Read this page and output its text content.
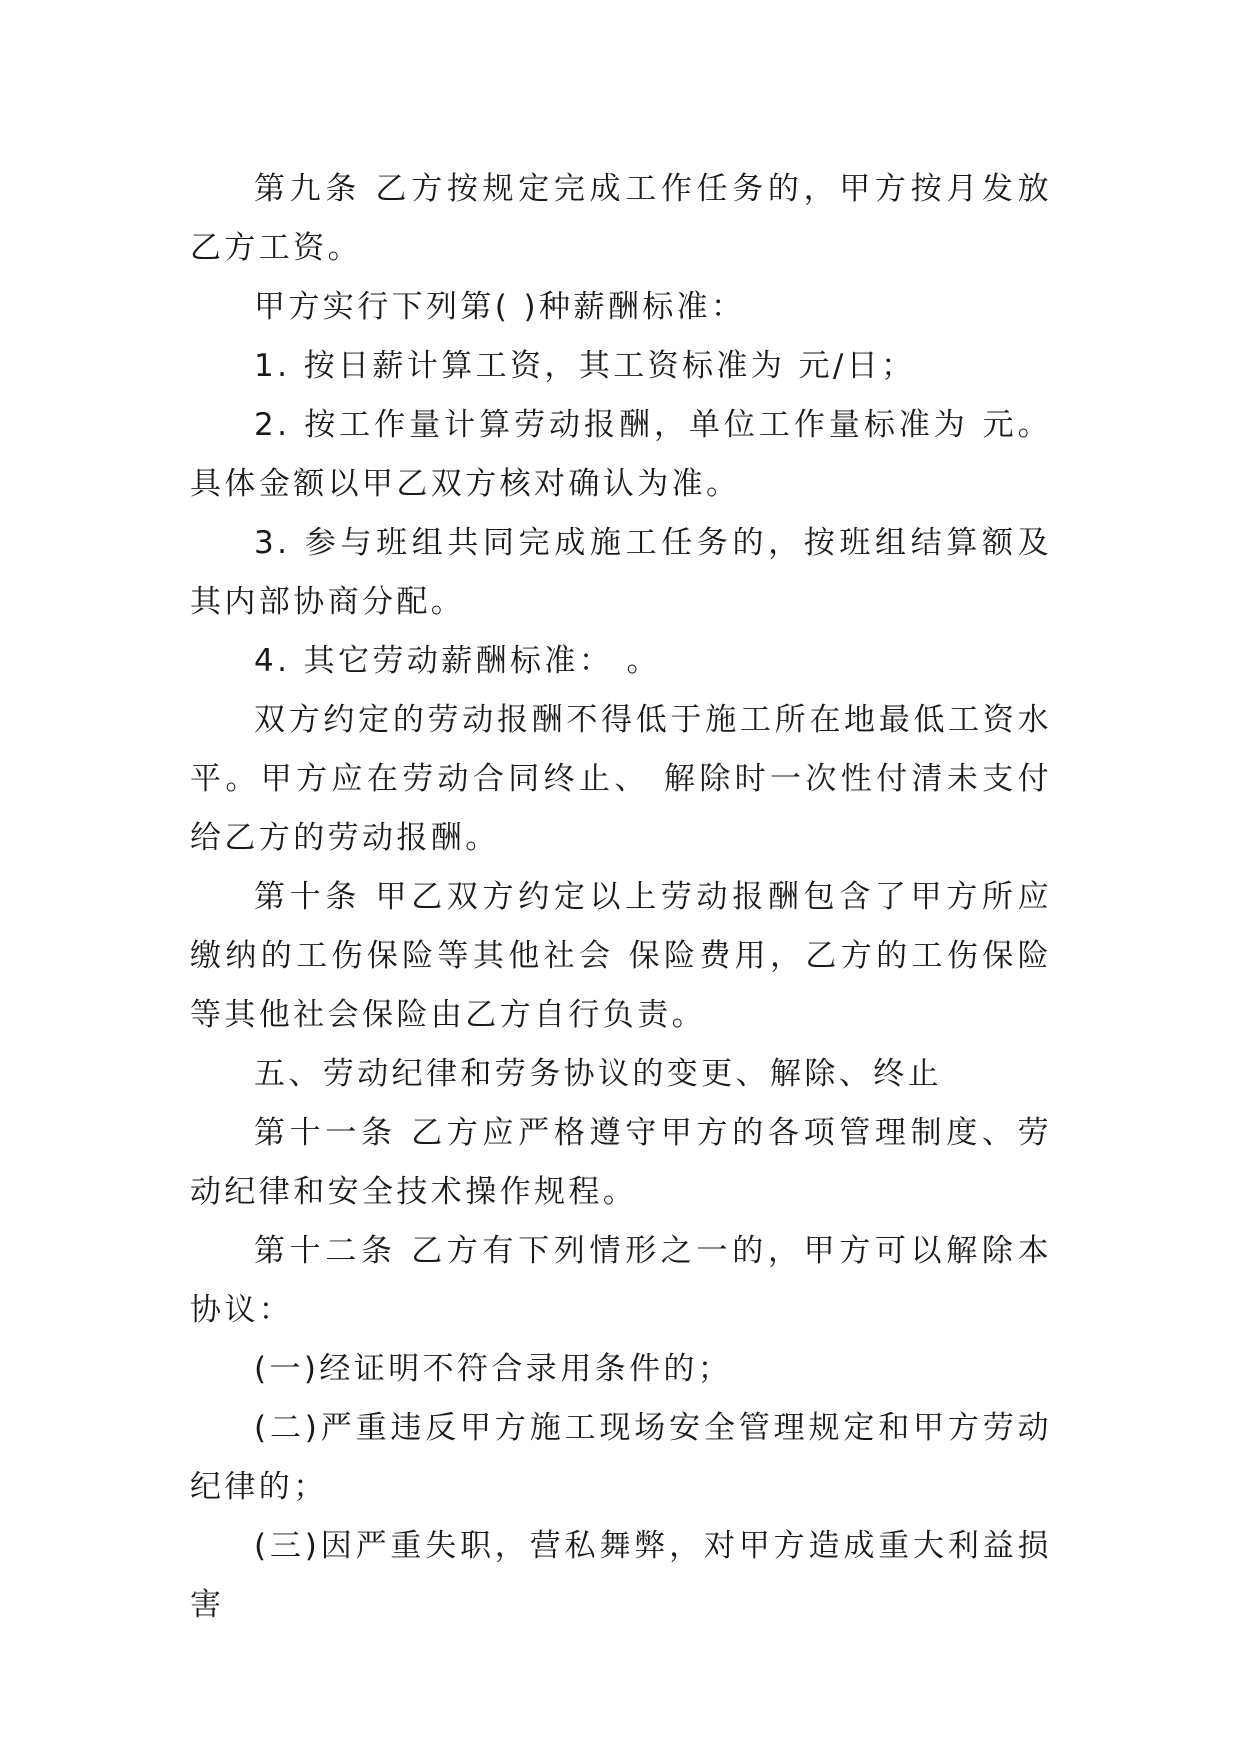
第九条 乙方按规定完成工作任务的，甲方按月发放乙方工资。

甲方实行下列第( )种薪酬标准：

1. 按日薪计算工资，其工资标准为 元/日；

2. 按工作量计算劳动报酬，单位工作量标准为 元。具体金额以甲乙双方核对确认为准。

3. 参与班组共同完成施工任务的，按班组结算额及其内部协商分配。

4. 其它劳动薪酬标准： 。

双方约定的劳动报酬不得低于施工所在地最低工资水平。甲方应在劳动合同终止、 解除时一次性付清未支付给乙方的劳动报酬。

第十条 甲乙双方约定以上劳动报酬包含了甲方所应缴纳的工伤保险等其他社会 保险费用，乙方的工伤保险等其他社会保险由乙方自行负责。

五、劳动纪律和劳务协议的变更、解除、终止

第十一条 乙方应严格遵守甲方的各项管理制度、劳动纪律和安全技术操作规程。

第十二条 乙方有下列情形之一的，甲方可以解除本协议：

(一)经证明不符合录用条件的；

(二)严重违反甲方施工现场安全管理规定和甲方劳动纪律的；

(三)因严重失职，营私舞弊，对甲方造成重大利益损害
